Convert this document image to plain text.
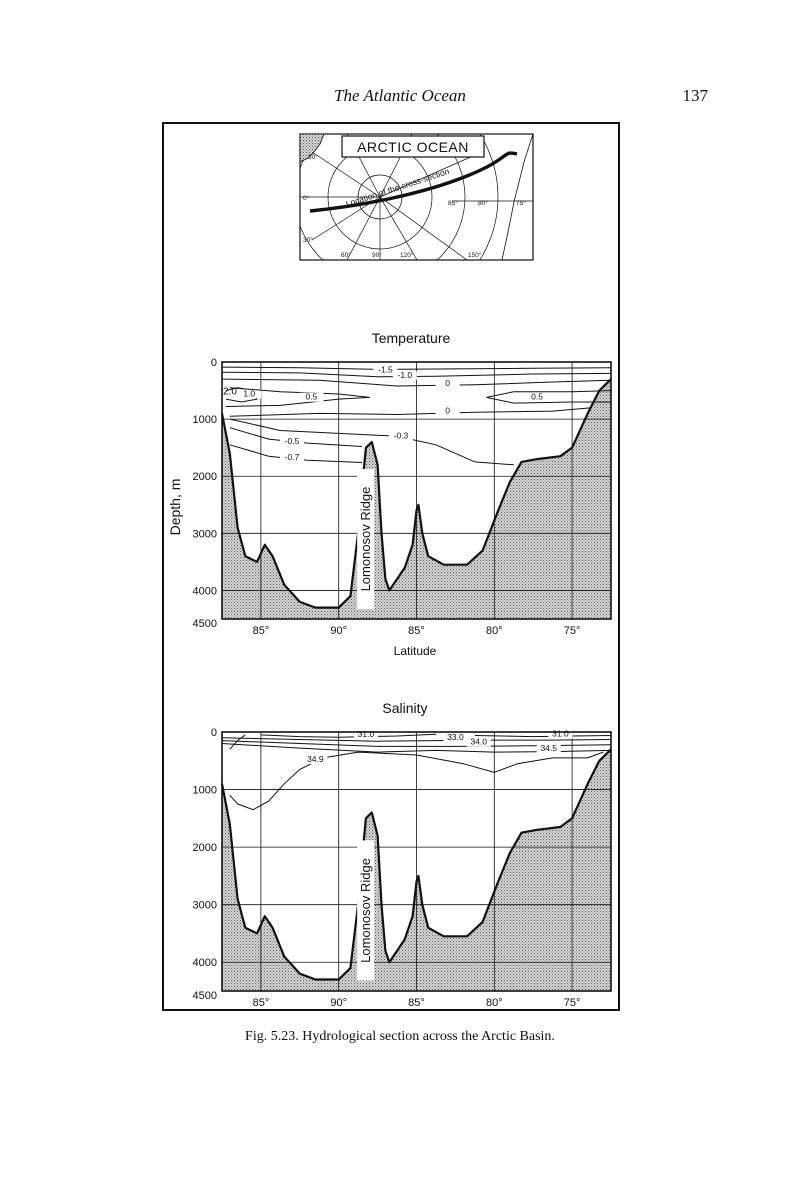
The Atlantic Ocean	137
ARCTIC OCEAN
Location of the cross-section
0°
30°
30°
60°	90°	120°	150°
85°	80°	75°
Temperature
-1.5
-1.0
0
1.0	0.5	0.5
0
-0.3
-0.5
-0.7
0
1000
2000
3000
4000
4500
2.0
85°	90°	85°	80°	75°
Lomonosov Ridge
Depth, m
Latitude
Salinity
31.0	31.0
33.0 34.0
34.5
34.9
0
1000
2000
3000
4000
4500
85°	90°	85°	80°	75°
Lomonosov Ridge
Fig. 5.23. Hydrological section across the Arctic Basin.
